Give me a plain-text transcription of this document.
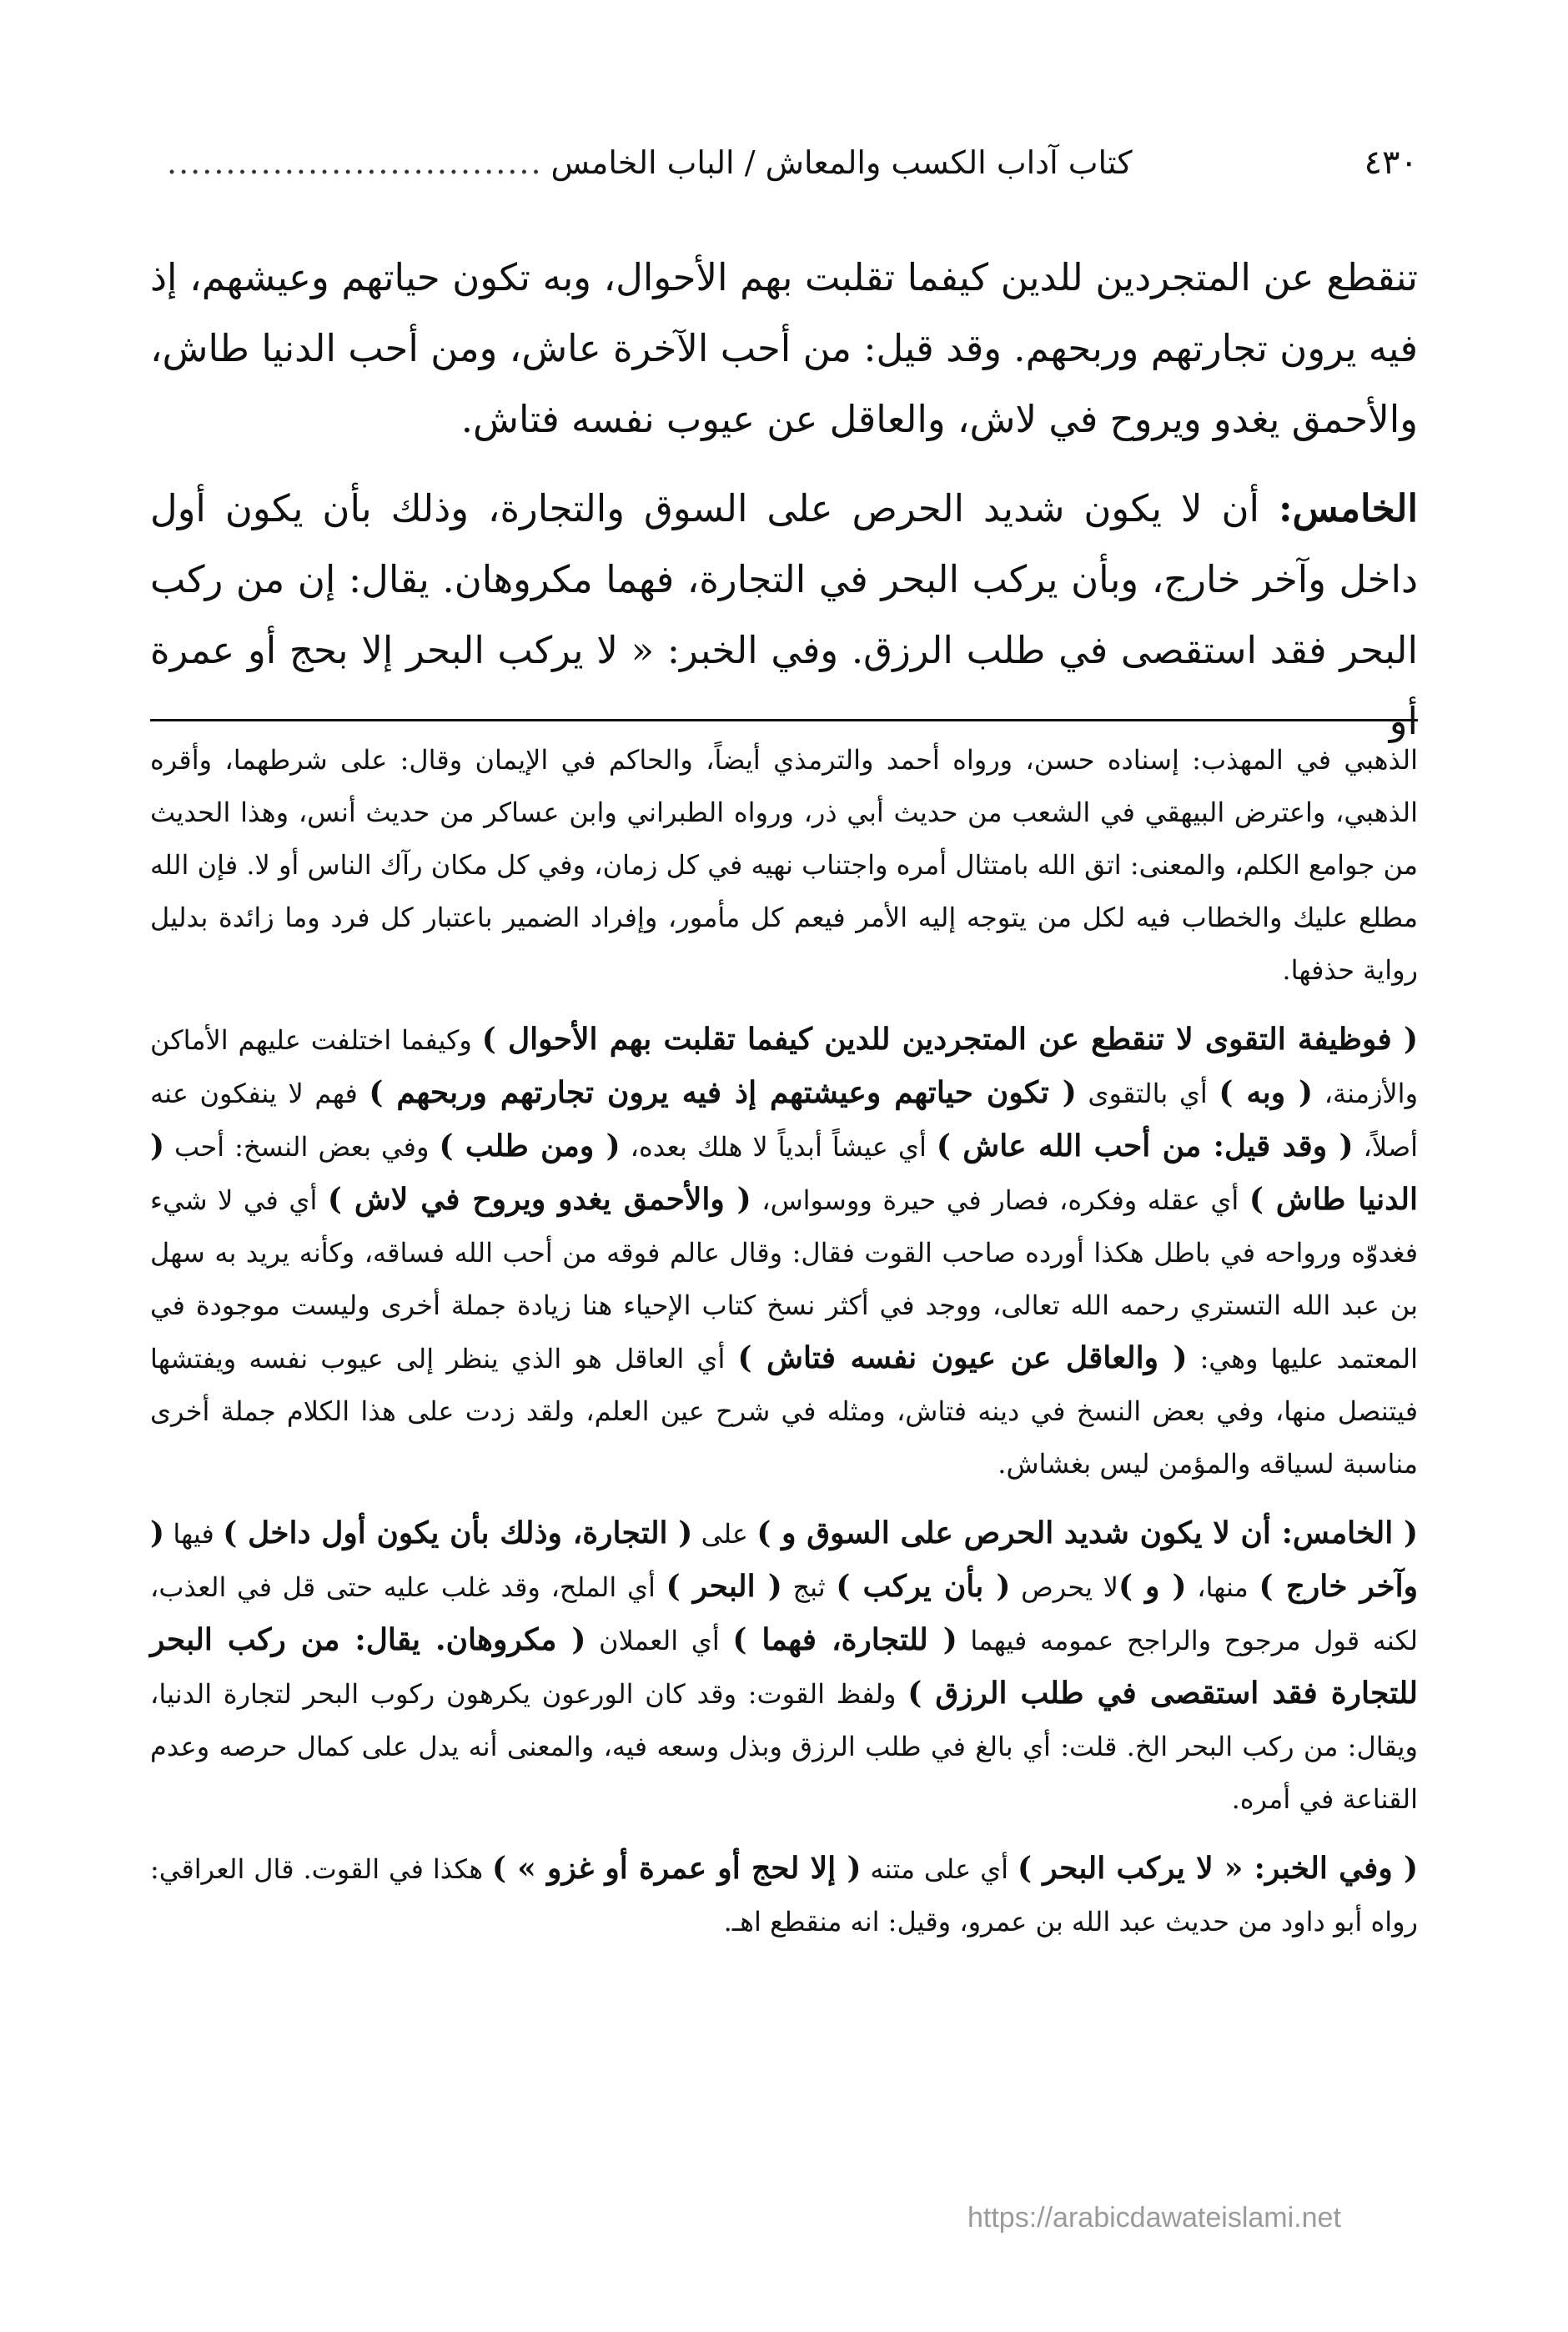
٤٣٠
كتاب آداب الكسب والمعاش / الباب الخامس
................................

تنقطع عن المتجردين للدين كيفما تقلبت بهم الأحوال، وبه تكون حياتهم وعيشهم، إذ فيه يرون تجارتهم وربحهم. وقد قيل: من أحب الآخرة عاش، ومن أحب الدنيا طاش، والأحمق يغدو ويروح في لاش، والعاقل عن عيوب نفسه فتاش.

الخامس: أن لا يكون شديد الحرص على السوق والتجارة، وذلك بأن يكون أول داخل وآخر خارج، وبأن يركب البحر في التجارة، فهما مكروهان. يقال: إن من ركب البحر فقد استقصى في طلب الرزق. وفي الخبر: « لا يركب البحر إلا بحج أو عمرة أو

الذهبي في المهذب: إسناده حسن، ورواه أحمد والترمذي أيضاً، والحاكم في الإيمان وقال: على شرطهما، وأقره الذهبي، واعترض البيهقي في الشعب من حديث أبي ذر، ورواه الطبراني وابن عساكر من حديث أنس، وهذا الحديث من جوامع الكلم، والمعنى: اتق الله بامتثال أمره واجتناب نهيه في كل زمان، وفي كل مكان رآك الناس أو لا. فإن الله مطلع عليك والخطاب فيه لكل من يتوجه إليه الأمر فيعم كل مأمور، وإفراد الضمير باعتبار كل فرد وما زائدة بدليل رواية حذفها.

( فوظيفة التقوى لا تنقطع عن المتجردين للدين كيفما تقلبت بهم الأحوال ) وكيفما اختلفت عليهم الأماكن والأزمنة، ( وبه ) أي بالتقوى ( تكون حياتهم وعيشتهم إذ فيه يرون تجارتهم وربحهم ) فهم لا ينفكون عنه أصلاً، ( وقد قيل: من أحب الله عاش ) أي عيشاً أبدياً لا هلك بعده، ( ومن طلب ) وفي بعض النسخ: أحب ( الدنيا طاش ) أي عقله وفكره، فصار في حيرة ووسواس، ( والأحمق يغدو ويروح في لاش ) أي في لا شيء فغدوّه ورواحه في باطل هكذا أورده صاحب القوت فقال: وقال عالم فوقه من أحب الله فساقه، وكأنه يريد به سهل بن عبد الله التستري رحمه الله تعالى، ووجد في أكثر نسخ كتاب الإحياء هنا زيادة جملة أخرى وليست موجودة في المعتمد عليها وهي: ( والعاقل عن عيون نفسه فتاش ) أي العاقل هو الذي ينظر إلى عيوب نفسه ويفتشها فيتنصل منها، وفي بعض النسخ في دينه فتاش، ومثله في شرح عين العلم، ولقد زدت على هذا الكلام جملة أخرى مناسبة لسياقه والمؤمن ليس بغشاش.

( الخامس: أن لا يكون شديد الحرص على السوق و ) على ( التجارة، وذلك بأن يكون أول داخل ) فيها ( وآخر خارج ) منها، ( و )لا يحرص ( بأن يركب ) ثبج ( البحر ) أي الملح، وقد غلب عليه حتى قل في العذب، لكنه قول مرجوح والراجح عمومه فيهما ( للتجارة، فهما ) أي العملان ( مكروهان. يقال: من ركب البحر للتجارة فقد استقصى في طلب الرزق ) ولفظ القوت: وقد كان الورعون يكرهون ركوب البحر لتجارة الدنيا، ويقال: من ركب البحر الخ. قلت: أي بالغ في طلب الرزق وبذل وسعه فيه، والمعنى أنه يدل على كمال حرصه وعدم القناعة في أمره.

( وفي الخبر: « لا يركب البحر ) أي على متنه ( إلا لحج أو عمرة أو غزو » ) هكذا في القوت. قال العراقي: رواه أبو داود من حديث عبد الله بن عمرو، وقيل: انه منقطع اهـ.

https://arabicdawateislami.net
